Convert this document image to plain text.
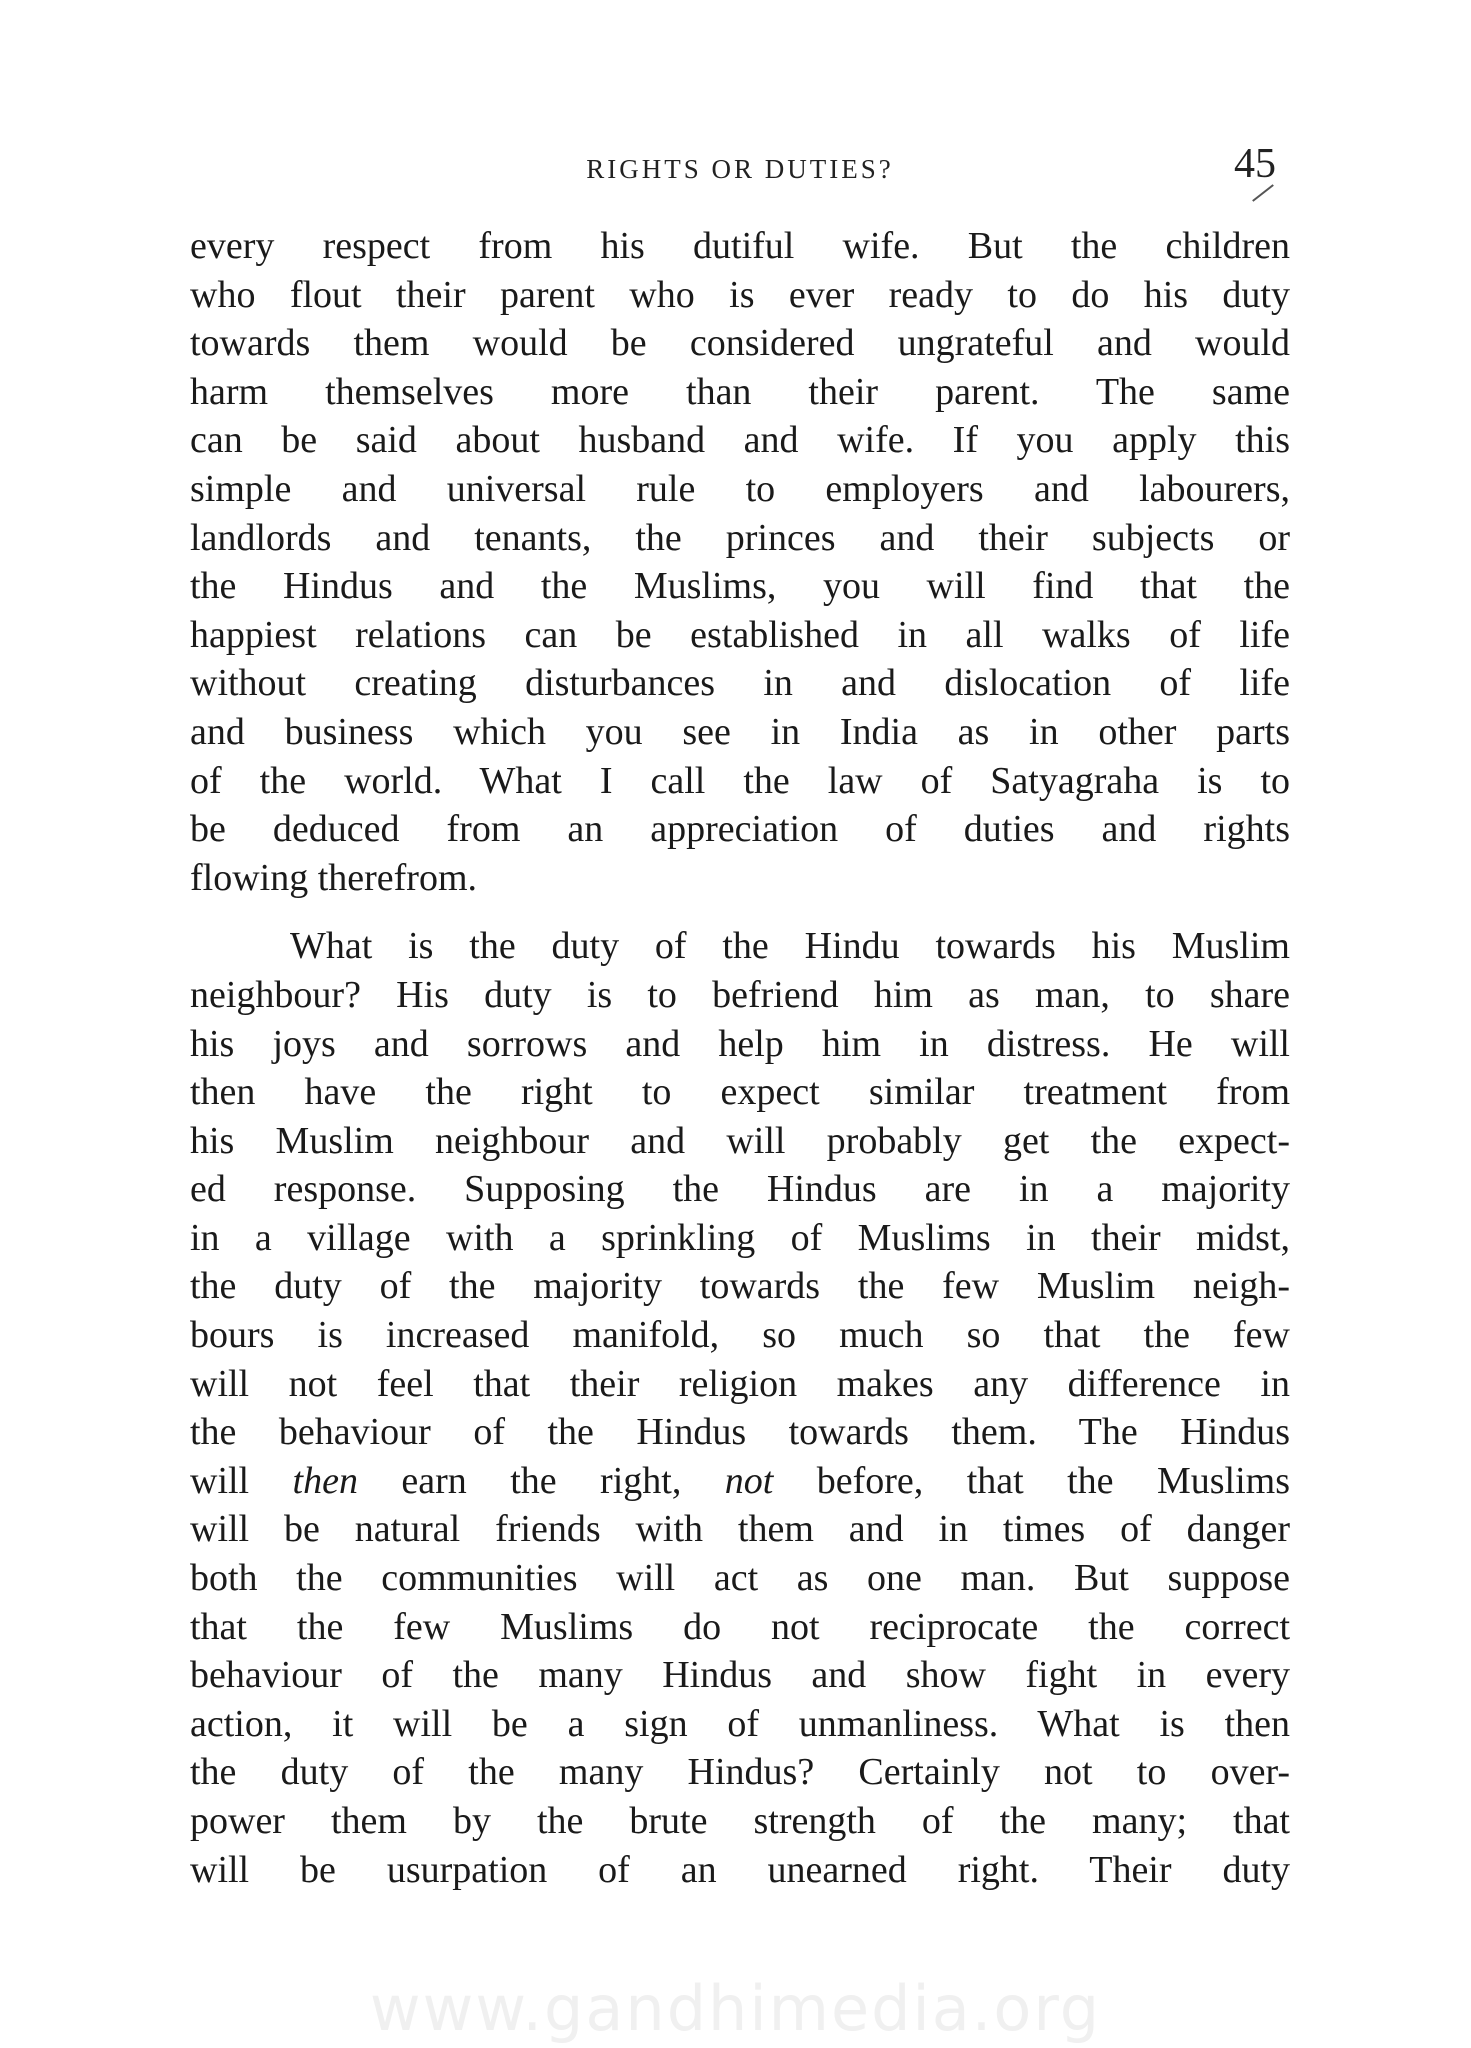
RIGHTS OR DUTIES?	45
every respect from his dutiful wife. But the children
who flout their parent who is ever ready to do his duty
towards them would be considered ungrateful and would
harm themselves more than their parent. The same
can be said about husband and wife. If you apply this
simple and universal rule to employers and labourers,
landlords and tenants, the princes and their subjects or
the Hindus and the Muslims, you will find that the
happiest relations can be established in all walks of life
without creating disturbances in and dislocation of life
and business which you see in India as in other parts
of the world. What I call the law of Satyagraha is to
be deduced from an appreciation of duties and rights
flowing therefrom.
What is the duty of the Hindu towards his Muslim
neighbour? His duty is to befriend him as man, to share
his joys and sorrows and help him in distress. He will
then have the right to expect similar treatment from
his Muslim neighbour and will probably get the expect-
ed response. Supposing the Hindus are in a majority
in a village with a sprinkling of Muslims in their midst,
the duty of the majority towards the few Muslim neigh-
bours is increased manifold, so much so that the few
will not feel that their religion makes any difference in
the behaviour of the Hindus towards them. The Hindus
will then earn the right, not before, that the Muslims
will be natural friends with them and in times of danger
both the communities will act as one man. But suppose
that the few Muslims do not reciprocate the correct
behaviour of the many Hindus and show fight in every
action, it will be a sign of unmanliness. What is then
the duty of the many Hindus? Certainly not to over-
power them by the brute strength of the many; that
will be usurpation of an unearned right. Their duty
www.gandhimedia.org
